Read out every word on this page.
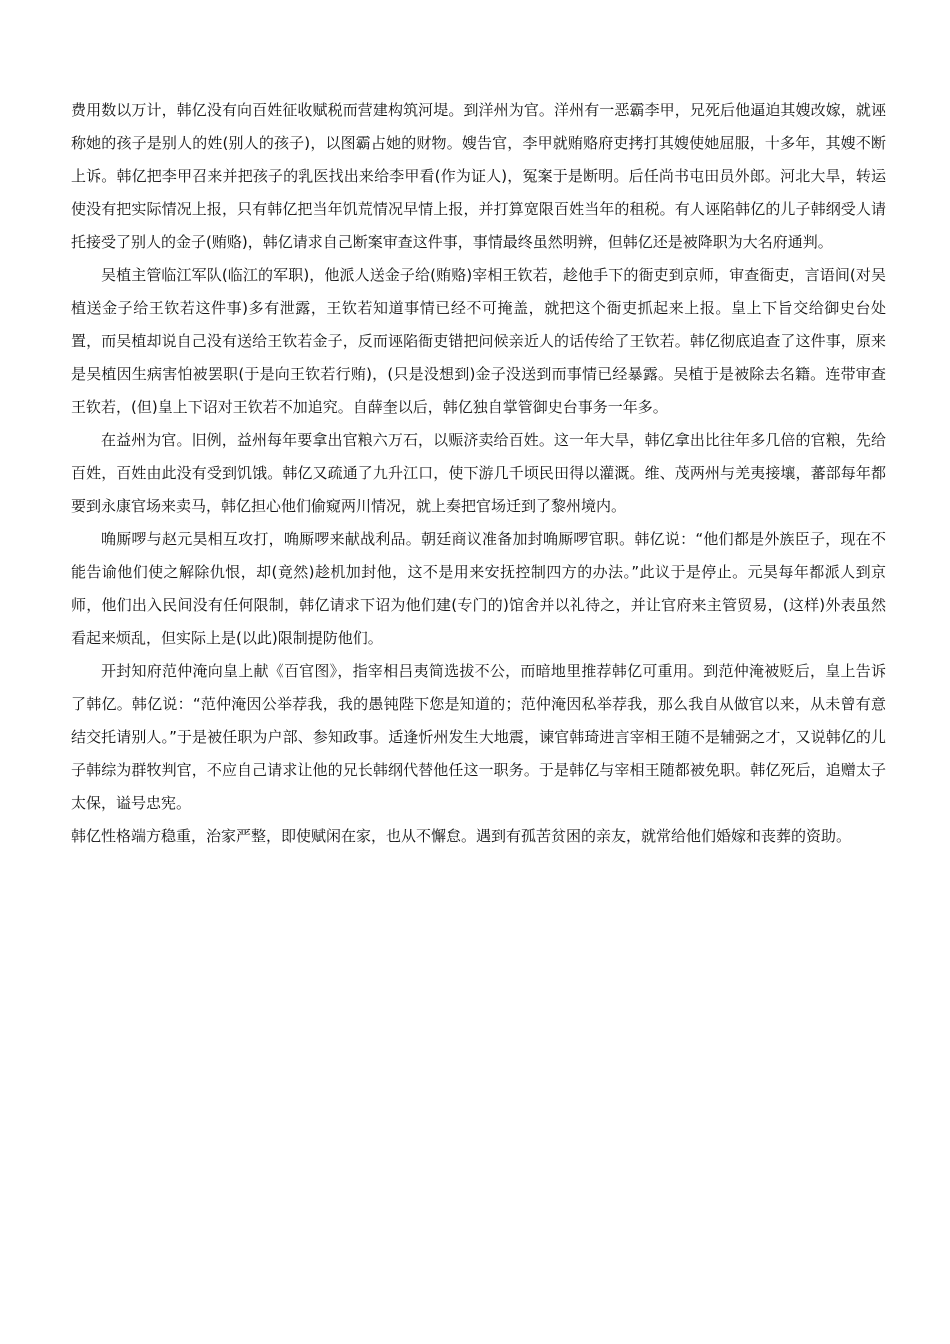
费用数以万计，韩亿没有向百姓征收赋税而营建构筑河堤。到洋州为官。洋州有一恶霸李甲，兄死后他逼迫其嫂改嫁，就诬称她的孩子是别人的姓(别人的孩子)，以图霸占她的财物。嫂告官，李甲就贿赂府吏拷打其嫂使她屈服，十多年，其嫂不断上诉。韩亿把李甲召来并把孩子的乳医找出来给李甲看(作为证人)，冤案于是断明。后任尚书屯田员外郎。河北大旱，转运使没有把实际情况上报，只有韩亿把当年饥荒情况早情上报，并打算宽限百姓当年的租税。有人诬陷韩亿的儿子韩纲受人请托接受了别人的金子(贿赂)，韩亿请求自己断案审查这件事，事情最终虽然明辨，但韩亿还是被降职为大名府通判。

吴植主管临江军队(临江的军职)，他派人送金子给(贿赂)宰相王钦若，趁他手下的衙吏到京师，审查衙吏，言语间(对吴植送金子给王钦若这件事)多有泄露，王钦若知道事情已经不可掩盖，就把这个衙吏抓起来上报。皇上下旨交给御史台处置，而吴植却说自己没有送给王钦若金子，反而诬陷衙吏错把问候亲近人的话传给了王钦若。韩亿彻底追查了这件事，原来是吴植因生病害怕被罢职(于是向王钦若行贿)，(只是没想到)金子没送到而事情已经暴露。吴植于是被除去名籍。连带审查王钦若，(但)皇上下诏对王钦若不加追究。自薛奎以后，韩亿独自掌管御史台事务一年多。

在益州为官。旧例，益州每年要拿出官粮六万石，以赈济卖给百姓。这一年大旱，韩亿拿出比往年多几倍的官粮，先给百姓，百姓由此没有受到饥饿。韩亿又疏通了九升江口，使下游几千顷民田得以灌溉。维、茂两州与羌夷接壤，蕃部每年都要到永康官场来卖马，韩亿担心他们偷窥两川情况，就上奏把官场迁到了黎州境内。

唃厮啰与赵元昊相互攻打，唃厮啰来献战利品。朝廷商议准备加封唃厮啰官职。韩亿说：“他们都是外族臣子，现在不能告谕他们使之解除仇恨，却(竟然)趁机加封他，这不是用来安抚控制四方的办法。”此议于是停止。元昊每年都派人到京师，他们出入民间没有任何限制，韩亿请求下诏为他们建(专门的)馆舍并以礼待之，并让官府来主管贸易，(这样)外表虽然看起来烦乱，但实际上是(以此)限制提防他们。

开封知府范仲淹向皇上献《百官图》，指宰相吕夷简选拔不公，而暗地里推荐韩亿可重用。到范仲淹被贬后，皇上告诉了韩亿。韩亿说：“范仲淹因公举荐我，我的愚钝陛下您是知道的；范仲淹因私举荐我，那么我自从做官以来，从未曾有意结交托请别人。”于是被任职为户部、参知政事。适逢忻州发生大地震，谏官韩琦进言宰相王随不是辅弼之才，又说韩亿的儿子韩综为群牧判官，不应自己请求让他的兄长韩纲代替他任这一职务。于是韩亿与宰相王随都被免职。韩亿死后，追赠太子太保，谥号忠宪。

韩亿性格端方稳重，治家严整，即使赋闲在家，也从不懈怠。遇到有孤苦贫困的亲友，就常给他们婚嫁和丧葬的资助。
